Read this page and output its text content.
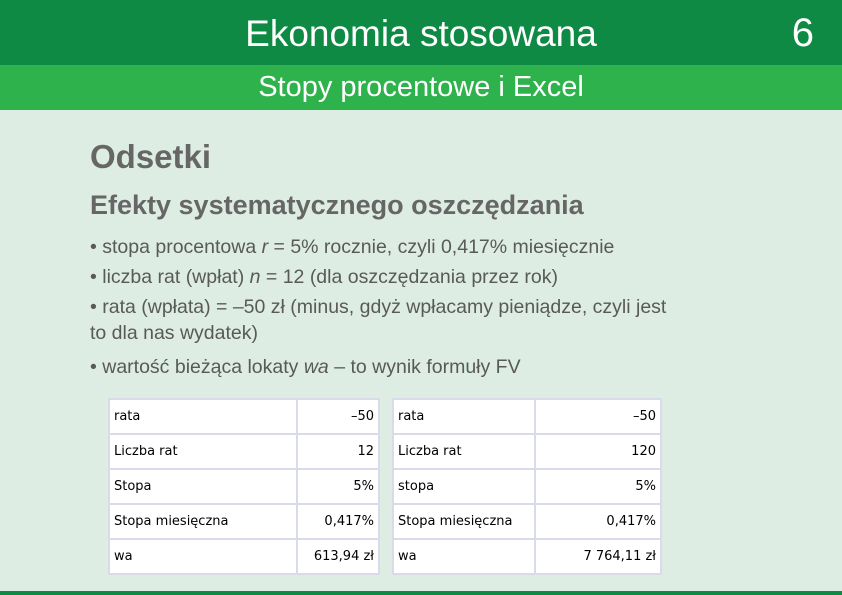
Ekonomia stosowana	6
Stopy procentowe i Excel
Odsetki
Efekty systematycznego oszczędzania
• stopa procentowa r = 5% rocznie, czyli 0,417% miesięcznie
• liczba rat (wpłat) n = 12 (dla oszczędzania przez rok)
• rata (wpłata) = –50 zł (minus, gdyż wpłacamy pieniądze, czyli jest
to dla nas wydatek)
• wartość bieżąca lokaty wa – to wynik formuły FV
rata	–50
Liczba rat	12
Stopa	5%
Stopa miesięczna	0,417%
wa	613,94 zł
rata	–50
Liczba rat	120
stopa	5%
Stopa miesięczna	0,417%
wa	7 764,11 zł
